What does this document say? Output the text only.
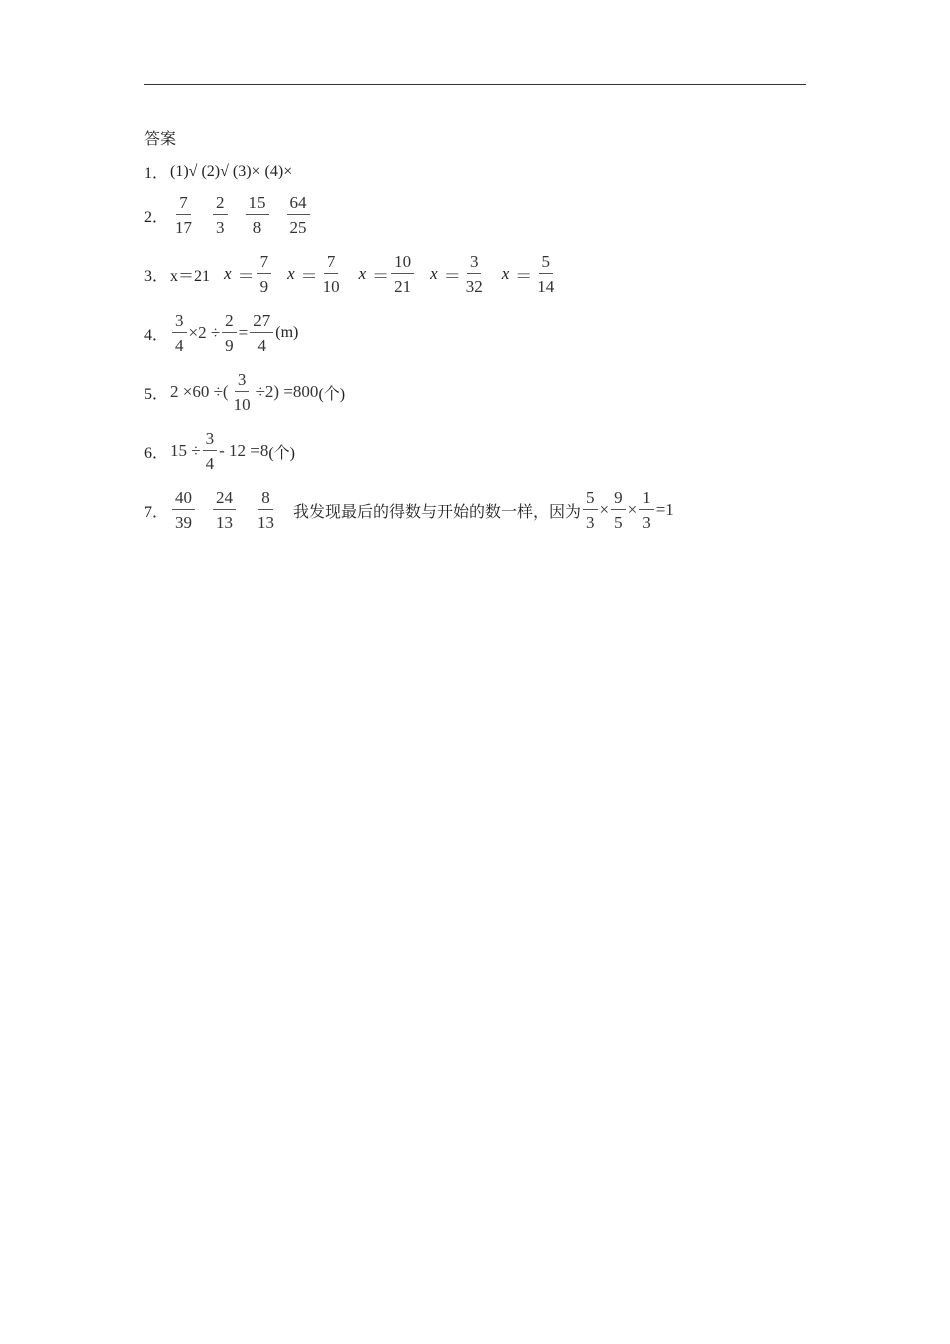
答案
1． (1)√ (2)√ (3)× (4)×
2． $\frac{7}{17} \frac{2}{3} \frac{15}{8} \frac{64}{25}$
3． x＝21 $x = \frac{7}{9}$ $x = \frac{7}{10}$ $x = \frac{10}{21}$ $x = \frac{3}{32}$ $x = \frac{5}{14}$
4． $\frac{3}{4} \times 2 \div \frac{2}{9} = \frac{27}{4} (m)$
5． 2 ×60 ÷( $\frac{3}{10} \div 2) =800$ (个)
6． $15 \div \frac{3}{4} - 12 =8$ (个)
7． $\frac{40}{39} \frac{24}{13} \frac{8}{13}$ 我发现最后的得数与开始的数一样，因为 $\frac{5}{3} \times \frac{9}{5} \times \frac{1}{3} =1$
